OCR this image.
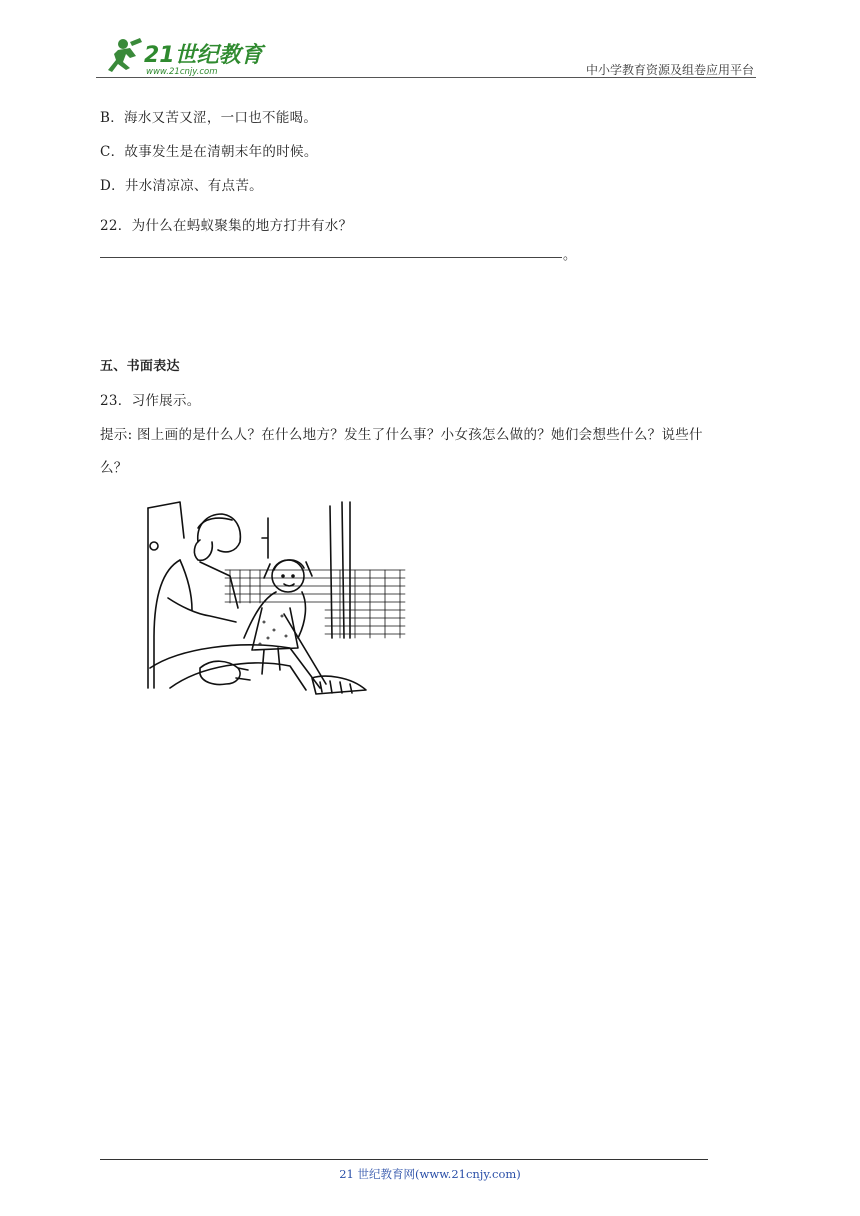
21世纪教育
www.21cnjy.com	中小学教育资源及组卷应用平台
B．海水又苦又涩，一口也不能喝。
C．故事发生是在清朝末年的时候。
D．井水清凉凉、有点苦。
22．为什么在蚂蚁聚集的地方打井有水？
。
五、书面表达
23．习作展示。
提示: 图上画的是什么人？在什么地方？发生了什么事？小女孩怎么做的？她们会想些什么？说些什
么？
21 世纪教育网(www.21cnjy.com)
